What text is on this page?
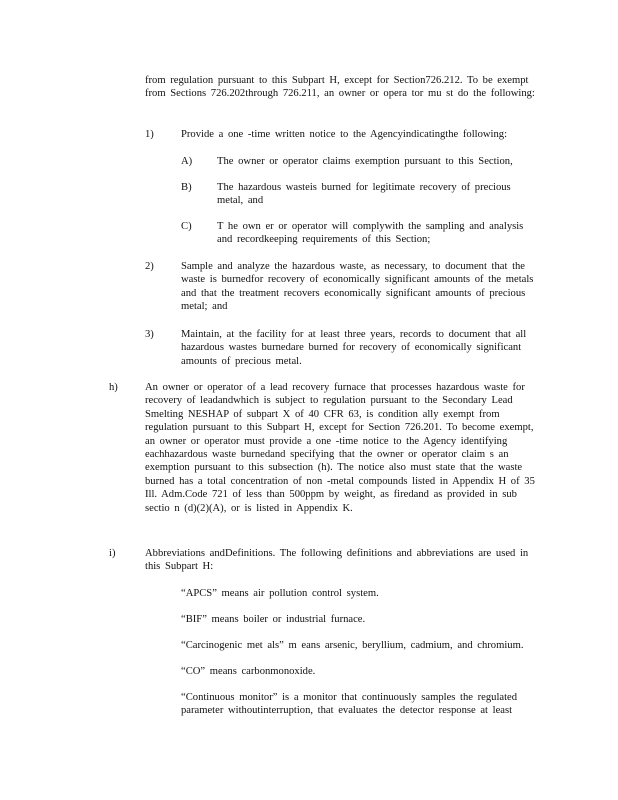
from regulation pursuant to this Subpart H, except for Section726.212. To be exempt from Sections 726.202through 726.211, an owner or opera tor mu st do the following:

1)	Provide a one -time written notice to the Agencyindicatingthe following:

A) The owner or operator claims exemption pursuant to this Section,

B) The hazardous wasteis burned for legitimate recovery of precious metal, and

C) T he own er or operator will complywith the sampling and analysis and recordkeeping requirements of this Section;

2)	Sample and analyze the hazardous waste, as necessary, to document that the waste is burnedfor recovery of economically significant amounts of the metals and that the treatment recovers economically significant amounts of precious metal; and

3)	Maintain, at the facility for at least three years, records to document that all hazardous wastes burnedare burned for recovery of economically significant amounts of precious metal.

h)	An owner or operator of a lead recovery furnace that processes hazardous waste for recovery of leadandwhich is subject to regulation pursuant to the Secondary Lead Smelting NESHAP of subpart X of 40 CFR 63, is condition ally exempt from regulation pursuant to this Subpart H, except for Section 726.201. To become exempt, an owner or operator must provide a one -time notice to the Agency identifying eachhazardous waste burnedand specifying that the owner or operator claim s an exemption pursuant to this subsection (h). The notice also must state that the waste burned has a total concentration of non -metal compounds listed in Appendix H of 35 Ill. Adm.Code 721 of less than 500ppm by weight, as firedand as provided in sub sectio n (d)(2)(A), or is listed in Appendix K.

i)	Abbreviations andDefinitions. The following definitions and abbreviations are used in this Subpart H:

“APCS” means air pollution control system.

“BIF” means boiler or industrial furnace.

“Carcinogenic met als” m eans arsenic, beryllium, cadmium, and chromium.

“CO” means carbonmonoxide.

“Continuous monitor” is a monitor that continuously samples the regulated parameter withoutinterruption, that evaluates the detector response at least
